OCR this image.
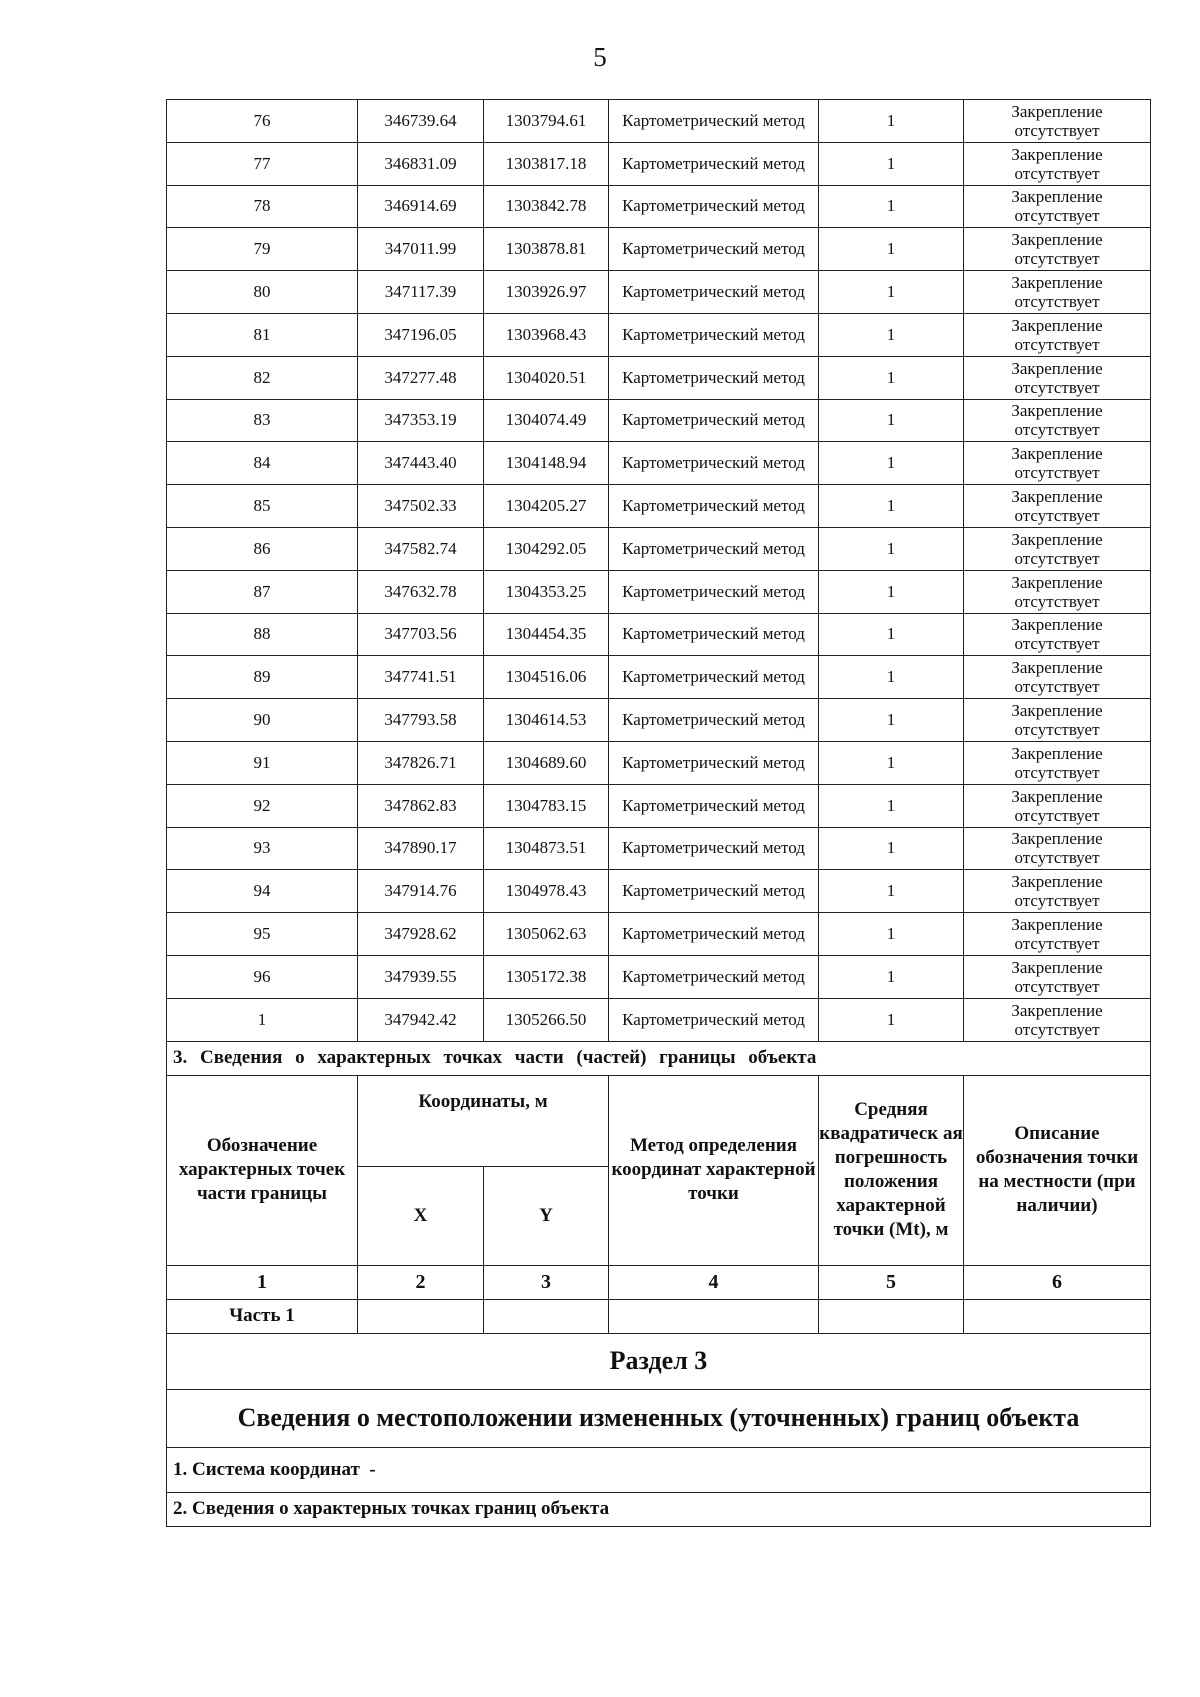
5
76	346739.64	1303794.61	Картометрический метод	1	Закрепление
отсутствует

77	346831.09	1303817.18	Картометрический метод	1	Закрепление
отсутствует

78	346914.69	1303842.78	Картометрический метод	1	Закрепление
отсутствует

79	347011.99	1303878.81	Картометрический метод	1	Закрепление
отсутствует

80	347117.39	1303926.97	Картометрический метод	1	Закрепление
отсутствует

81	347196.05	1303968.43	Картометрический метод	1	Закрепление
отсутствует

82	347277.48	1304020.51	Картометрический метод	1	Закрепление
отсутствует

83	347353.19	1304074.49	Картометрический метод	1	Закрепление
отсутствует

84	347443.40	1304148.94	Картометрический метод	1	Закрепление
отсутствует

85	347502.33	1304205.27	Картометрический метод	1	Закрепление
отсутствует

86	347582.74	1304292.05	Картометрический метод	1	Закрепление
отсутствует

87	347632.78	1304353.25	Картометрический метод	1	Закрепление
отсутствует

88	347703.56	1304454.35	Картометрический метод	1	Закрепление
отсутствует

89	347741.51	1304516.06	Картометрический метод	1	Закрепление
отсутствует

90	347793.58	1304614.53	Картометрический метод	1	Закрепление
отсутствует

91	347826.71	1304689.60	Картометрический метод	1	Закрепление
отсутствует

92	347862.83	1304783.15	Картометрический метод	1	Закрепление
отсутствует

93	347890.17	1304873.51	Картометрический метод	1	Закрепление
отсутствует

94	347914.76	1304978.43	Картометрический метод	1	Закрепление
отсутствует

95	347928.62	1305062.63	Картометрический метод	1	Закрепление
отсутствует

96	347939.55	1305172.38	Картометрический метод	1	Закрепление
отсутствует

1	347942.42	1305266.50	Картометрический метод	1	Закрепление
отсутствует

3. Сведения о характерных точках части (частей) границы объекта					
Обозначение характерных точек части границы	Координаты, м		Метод определения координат характерной точки	Средняя квадратическ ая погрешность положения характерной точки (Mt), м	Описание обозначения точки на местности (при наличии)
	X	Y			
1	2	3	4	5	6
Часть 1					
Раздел 3					
Сведения о местоположении измененных (уточненных) границ объекта					
1. Система координат  -					
2. Сведения о характерных точках границ объекта					
